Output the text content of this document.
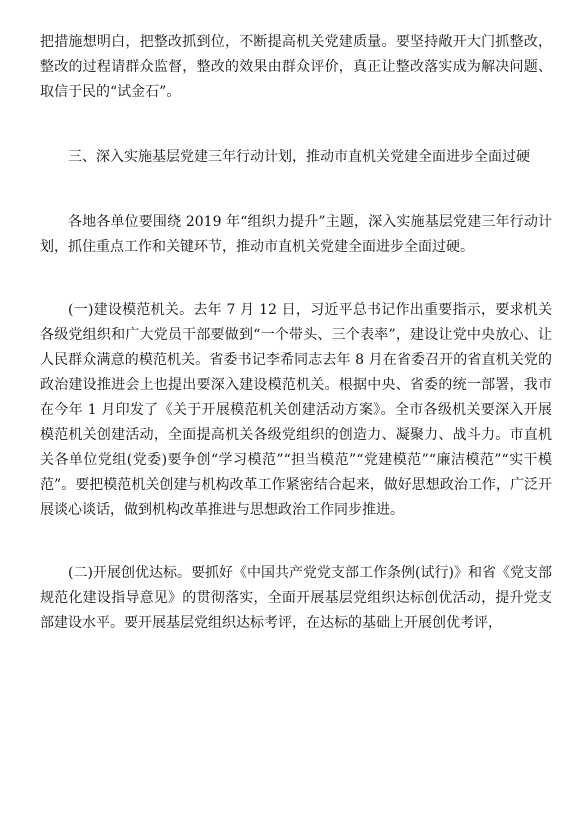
把措施想明白，把整改抓到位，不断提高机关党建质量。要坚持敞开大门抓整改，整改的过程请群众监督，整改的效果由群众评价，真正让整改落实成为解决问题、取信于民的“试金石”。

三、深入实施基层党建三年行动计划，推动市直机关党建全面进步全面过硬

各地各单位要围绕 2019 年“组织力提升”主题，深入实施基层党建三年行动计划，抓住重点工作和关键环节，推动市直机关党建全面进步全面过硬。

(一)建设模范机关。去年 7 月 12 日，习近平总书记作出重要指示，要求机关各级党组织和广大党员干部要做到“一个带头、三个表率”，建设让党中央放心、让人民群众满意的模范机关。省委书记李希同志去年 8 月在省委召开的省直机关党的政治建设推进会上也提出要深入建设模范机关。根据中央、省委的统一部署，我市在今年 1 月印发了《关于开展模范机关创建活动方案》。全市各级机关要深入开展模范机关创建活动，全面提高机关各级党组织的创造力、凝聚力、战斗力。市直机关各单位党组(党委)要争创“学习模范”“担当模范”“党建模范”“廉洁模范”“实干模范”。要把模范机关创建与机构改革工作紧密结合起来，做好思想政治工作，广泛开展谈心谈话，做到机构改革推进与思想政治工作同步推进。

(二)开展创优达标。要抓好《中国共产党党支部工作条例(试行)》和省《党支部规范化建设指导意见》的贯彻落实，全面开展基层党组织达标创优活动，提升党支部建设水平。要开展基层党组织达标考评，在达标的基础上开展创优考评，
